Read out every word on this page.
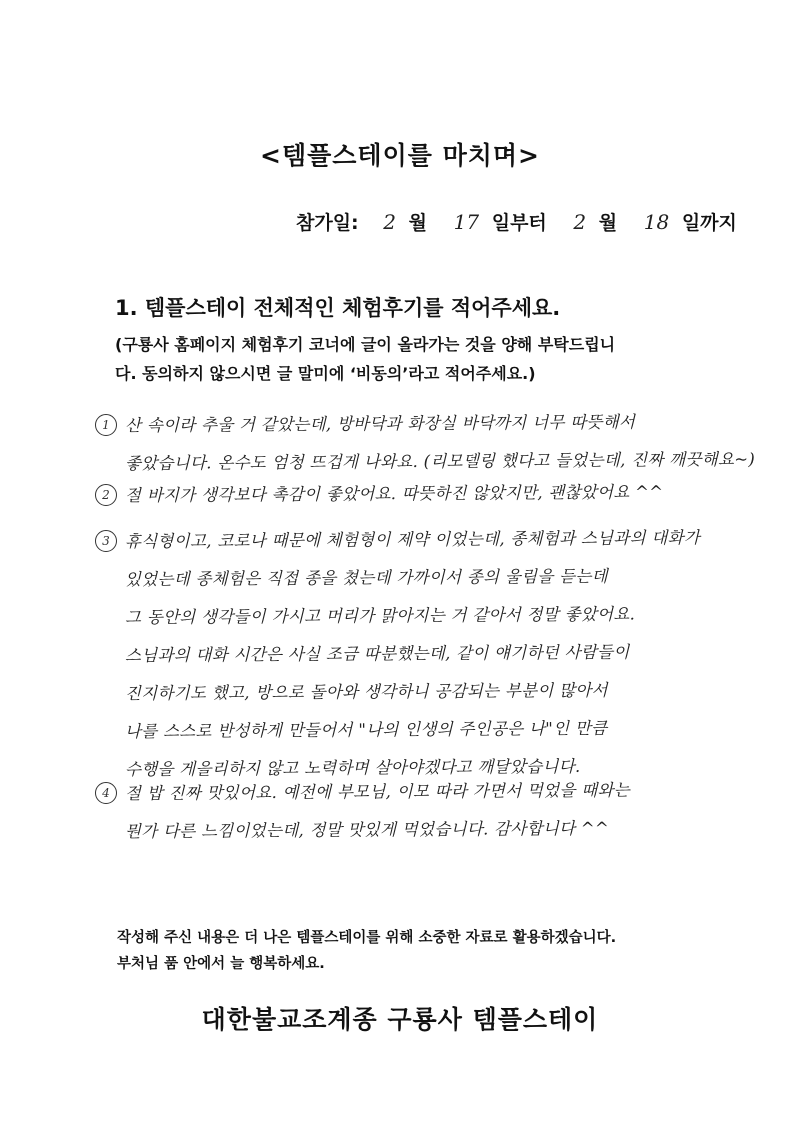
<템플스테이를 마치며>
참가일: 2 월 17 일부터 2 월 18 일까지
1. 템플스테이 전체적인 체험후기를 적어주세요.
(구룡사 홈페이지 체험후기 코너에 글이 올라가는 것을 양해 부탁드립니
다. 동의하지 않으시면 글 말미에 ‘비동의’라고 적어주세요.)
1 산 속이라 추울 거 같았는데, 방바닥과 화장실 바닥까지 너무 따뜻해서
좋았습니다. 온수도 엄청 뜨겁게 나와요. (리모델링 했다고 들었는데, 진짜 깨끗해요~)
2 절 바지가 생각보다 촉감이 좋았어요. 따뜻하진 않았지만, 괜찮았어요 ^^
3 휴식형이고, 코로나 때문에 체험형이 제약 이었는데, 종체험과 스님과의 대화가
있었는데 종체험은 직접 종을 쳤는데 가까이서 종의 울림을 듣는데
그 동안의 생각들이 가시고 머리가 맑아지는 거 같아서 정말 좋았어요.
스님과의 대화 시간은 사실 조금 따분했는데, 같이 얘기하던 사람들이
진지하기도 했고, 방으로 돌아와 생각하니 공감되는 부분이 많아서
나를 스스로 반성하게 만들어서 "나의 인생의 주인공은 나"인 만큼
수행을 게을리하지 않고 노력하며 살아야겠다고 깨달았습니다.
4 절 밥 진짜 맛있어요. 예전에 부모님, 이모 따라 가면서 먹었을 때와는
뭔가 다른 느낌이었는데, 정말 맛있게 먹었습니다. 감사합니다 ^^
작성해 주신 내용은 더 나은 템플스테이를 위해 소중한 자료로 활용하겠습니다.
부처님 품 안에서 늘 행복하세요.
대한불교조계종 구룡사 템플스테이
